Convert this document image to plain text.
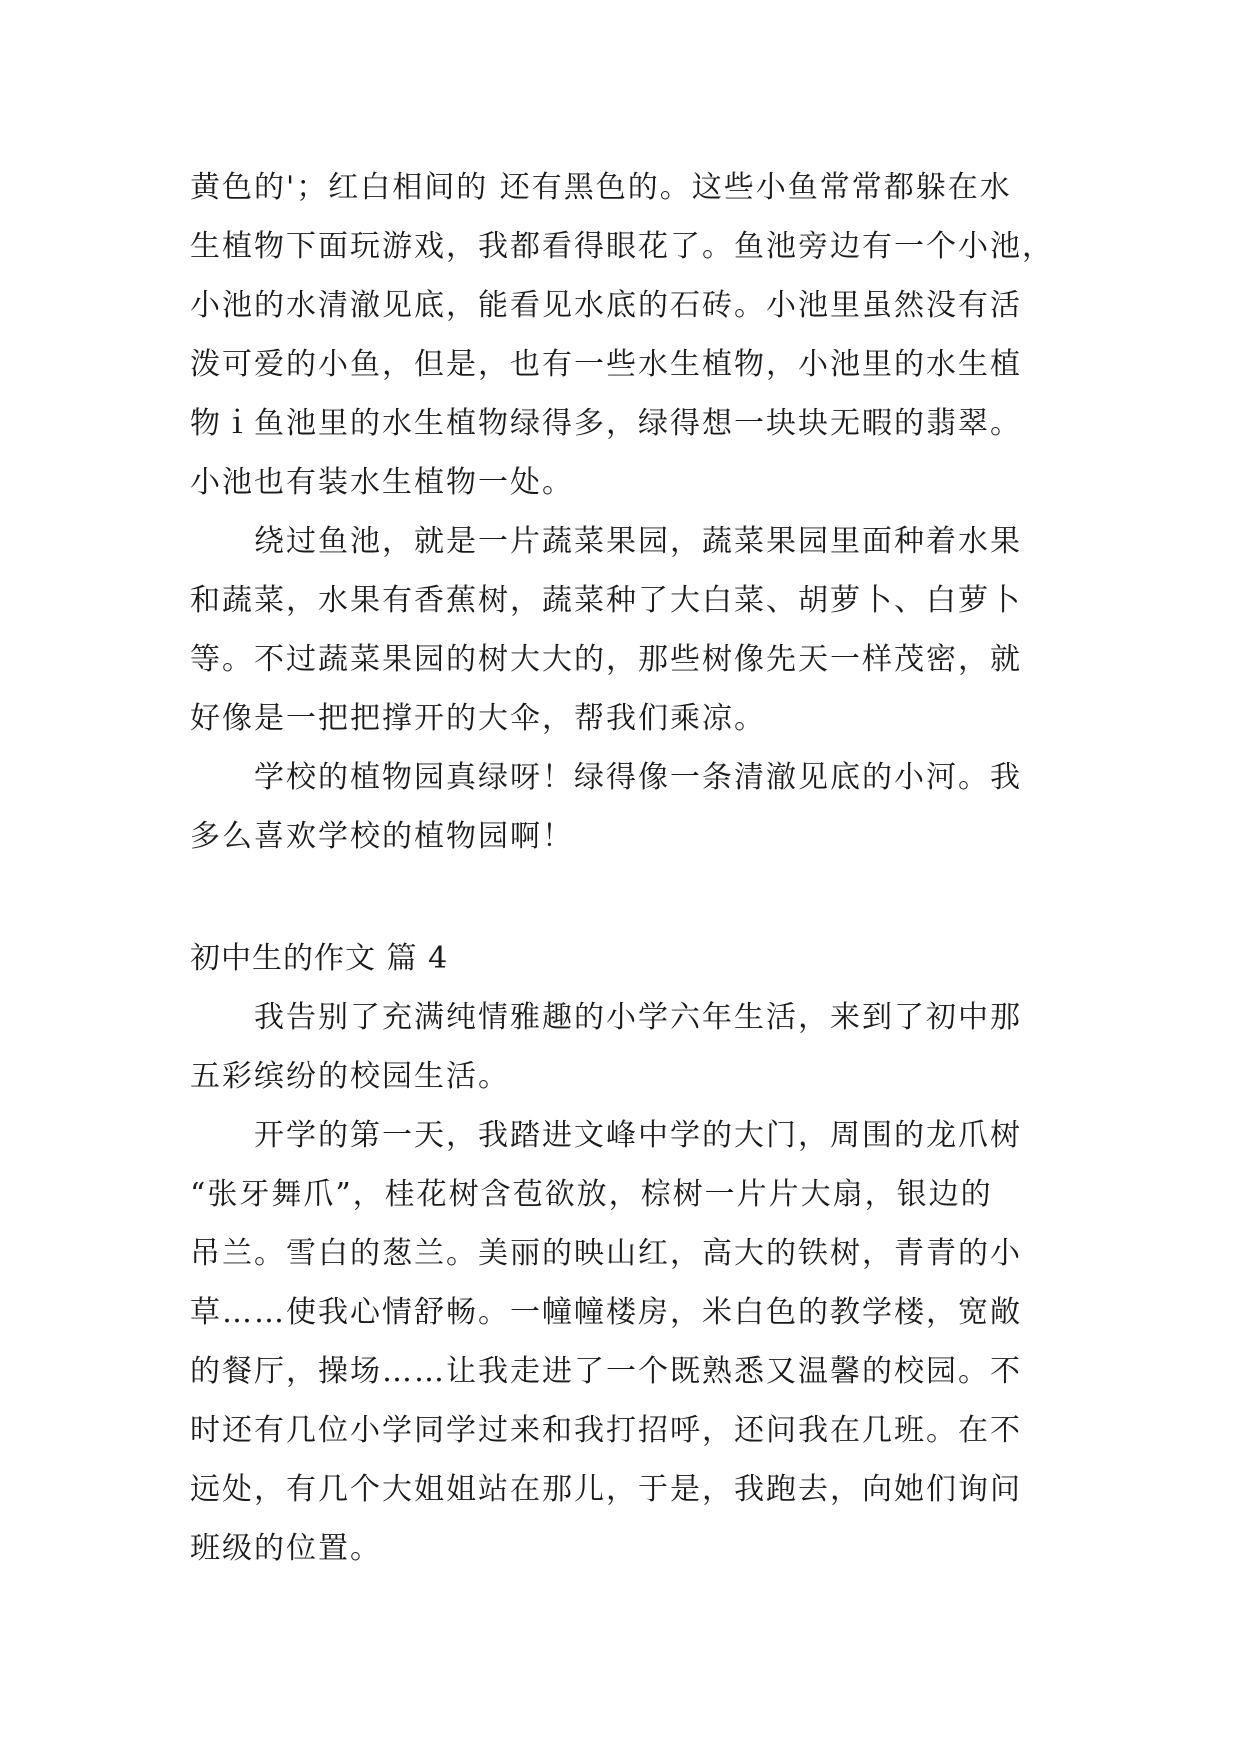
黄色的'；红白相间的 还有黑色的。这些小鱼常常都躲在水
生植物下面玩游戏，我都看得眼花了。鱼池旁边有一个小池，
小池的水清澈见底，能看见水底的石砖。小池里虽然没有活
泼可爱的小鱼，但是，也有一些水生植物，小池里的水生植
物ｉ鱼池里的水生植物绿得多，绿得想一块块无暇的翡翠。
小池也有装水生植物一处。
绕过鱼池，就是一片蔬菜果园，蔬菜果园里面种着水果
和蔬菜，水果有香蕉树，蔬菜种了大白菜、胡萝卜、白萝卜
等。不过蔬菜果园的树大大的，那些树像先天一样茂密，就
好像是一把把撑开的大伞，帮我们乘凉。
学校的植物园真绿呀！绿得像一条清澈见底的小河。我
多么喜欢学校的植物园啊！
初中生的作文 篇 4
我告别了充满纯情雅趣的小学六年生活，来到了初中那
五彩缤纷的校园生活。
开学的第一天，我踏进文峰中学的大门，周围的龙爪树
“张牙舞爪”，桂花树含苞欲放，棕树一片片大扇，银边的
吊兰。雪白的葱兰。美丽的映山红，高大的铁树，青青的小
草……使我心情舒畅。一幢幢楼房，米白色的教学楼，宽敞
的餐厅，操场……让我走进了一个既熟悉又温馨的校园。不
时还有几位小学同学过来和我打招呼，还问我在几班。在不
远处，有几个大姐姐站在那儿，于是，我跑去，向她们询问
班级的位置。
